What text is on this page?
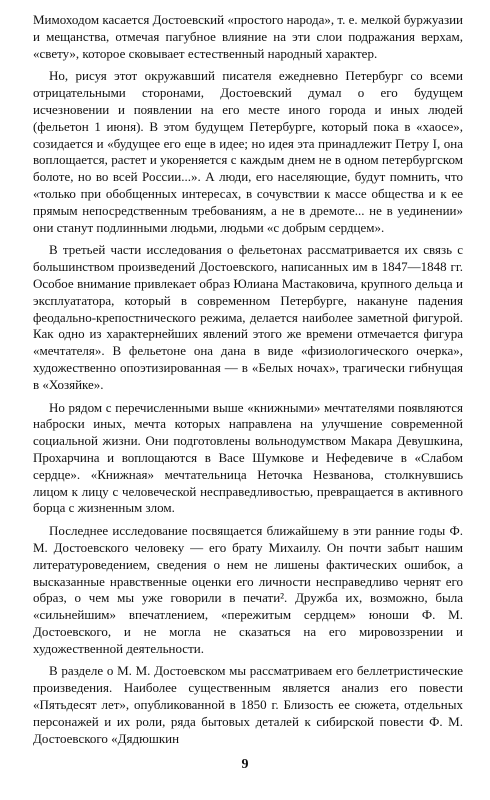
Мимоходом касается Достоевский «простого народа», т. е. мелкой буржуазии и мещанства, отмечая пагубное влияние на эти слои подражания верхам, «свету», которое сковывает естественный народный характер.

Но, рисуя этот окружавший писателя ежедневно Петербург со всеми отрицательными сторонами, Достоевский думал о его будущем исчезновении и появлении на его месте иного города и иных людей (фельетон 1 июня). В этом будущем Петербурге, который пока в «хаосе», созидается и «будущее его еще в идее; но идея эта принадлежит Петру I, она воплощается, растет и укореняется с каждым днем не в одном петербургском болоте, но во всей России...». А люди, его населяющие, будут помнить, что «только при обобщенных интересах, в сочувствии к массе общества и к ее прямым непосредственным требованиям, а не в дремоте... не в уединении» они станут подлинными людьми, людьми «с добрым сердцем».

В третьей части исследования о фельетонах рассматривается их связь с большинством произведений Достоевского, написанных им в 1847—1848 гг. Особое внимание привлекает образ Юлиана Мастаковича, крупного дельца и эксплуататора, который в современном Петербурге, накануне падения феодально-крепостнического режима, делается наиболее заметной фигурой. Как одно из характернейших явлений этого же времени отмечается фигура «мечтателя». В фельетоне она дана в виде «физиологического очерка», художественно опоэтизированная — в «Белых ночах», трагически гибнущая в «Хозяйке».

Но рядом с перечисленными выше «книжными» мечтателями появляются наброски иных, мечта которых направлена на улучшение современной социальной жизни. Они подготовлены вольнодумством Макара Девушкина, Прохарчина и воплощаются в Васе Шумкове и Нефедевиче в «Слабом сердце». «Книжная» мечтательница Неточка Незванова, столкнувшись лицом к лицу с человеческой несправедливостью, превращается в активного борца с жизненным злом.

Последнее исследование посвящается ближайшему в эти ранние годы Ф. М. Достоевского человеку — его брату Михаилу. Он почти забыт нашим литературоведением, сведения о нем не лишены фактических ошибок, а высказанные нравственные оценки его личности несправедливо чернят его образ, о чем мы уже говорили в печати². Дружба их, возможно, была «сильнейшим» впечатлением, «пережитым сердцем» юноши Ф. М. Достоевского, и не могла не сказаться на его мировоззрении и художественной деятельности.

В разделе о М. М. Достоевском мы рассматриваем его беллетристические произведения. Наиболее существенным является анализ его повести «Пятьдесят лет», опубликованной в 1850 г. Близость ее сюжета, отдельных персонажей и их роли, ряда бытовых деталей к сибирской повести Ф. М. Достоевского «Дядюшкин

9
